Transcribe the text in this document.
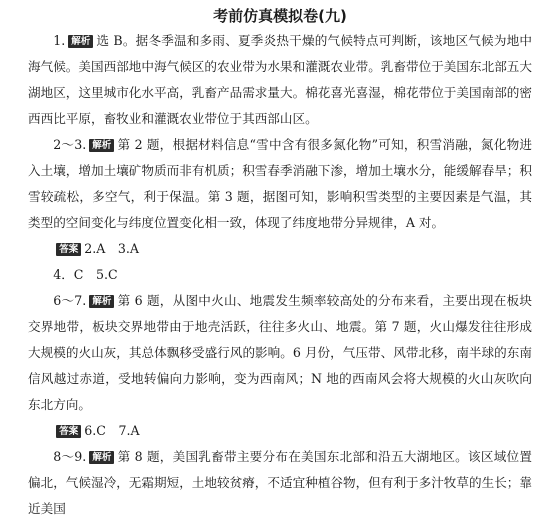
考前仿真模拟卷(九)

1. 解析 选 B。据冬季温和多雨、夏季炎热干燥的气候特点可判断，该地区气候为地中海气候。美国西部地中海气候区的农业带为水果和灌溉农业带。乳畜带位于美国东北部五大湖地区，这里城市化水平高，乳畜产品需求量大。棉花喜光喜湿，棉花带位于美国南部的密西西比平原，畜牧业和灌溉农业带位于其西部山区。

2～3. 解析 第 2 题，根据材料信息“雪中含有很多氮化物”可知，积雪消融，氮化物进入土壤，增加土壤矿物质而非有机质；积雪春季消融下渗，增加土壤水分，能缓解春旱；积雪较疏松，多空气，利于保温。第 3 题，据图可知，影响积雪类型的主要因素是气温，其类型的空间变化与纬度位置变化相一致，体现了纬度地带分异规律，A 对。

答案 2.A　3.A

4．C　5.C

6～7. 解析 第 6 题，从图中火山、地震发生频率较高处的分布来看，主要出现在板块交界地带，板块交界地带由于地壳活跃，往往多火山、地震。第 7 题，火山爆发往往形成大规模的火山灰，其总体飘移受盛行风的影响。6 月份，气压带、风带北移，南半球的东南信风越过赤道，受地转偏向力影响，变为西南风；N 地的西南风会将大规模的火山灰吹向东北方向。

答案 6.C　7.A

8～9. 解析 第 8 题，美国乳畜带主要分布在美国东北部和沿五大湖地区。该区域位置偏北，气候湿冷，无霜期短，土地较贫瘠，不适宜种植谷物，但有利于多汁牧草的生长；靠近美国
